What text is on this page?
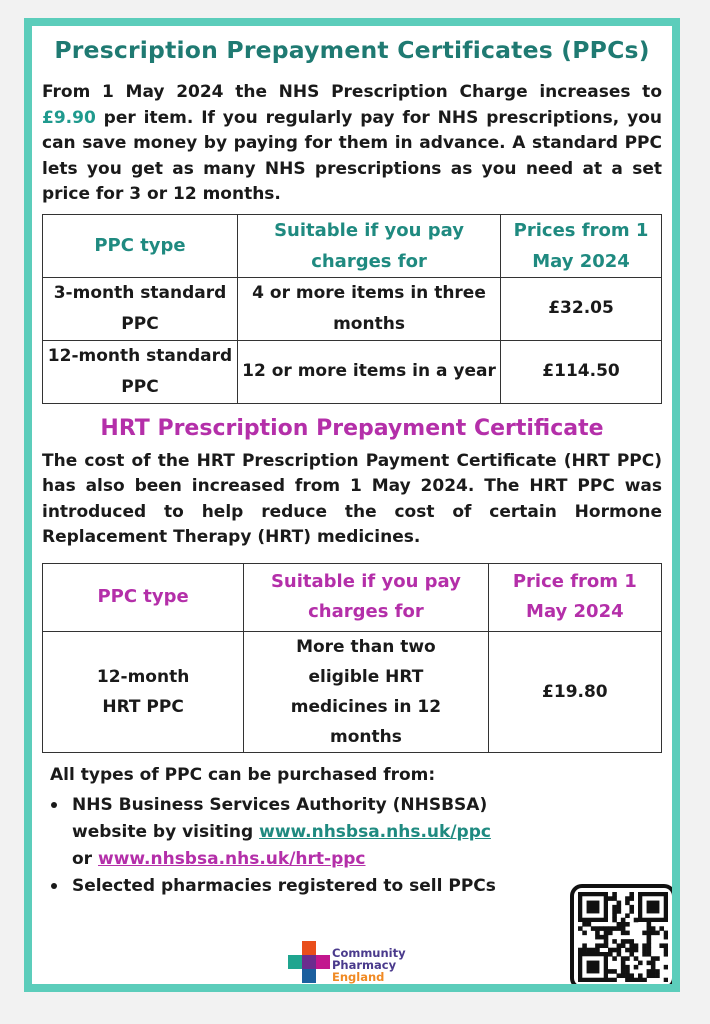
Prescription Prepayment Certificates (PPCs)

From 1 May 2024 the NHS Prescription Charge increases to £9.90 per item. If you regularly pay for NHS prescriptions, you can save money by paying for them in advance. A standard PPC lets you get as many NHS prescriptions as you need at a set price for 3 or 12 months.

PPC type	Suitable if you pay charges for	Prices from 1 May 2024
3-month standard PPC	4 or more items in three months	£32.05
12-month standard PPC	12 or more items in a year	£114.50
HRT Prescription Prepayment Certificate

The cost of the HRT Prescription Payment Certificate (HRT PPC) has also been increased from 1 May 2024. The HRT PPC was introduced to help reduce the cost of certain Hormone Replacement Therapy (HRT) medicines.

PPC type	Suitable if you pay charges for	Price from 1 May 2024
12-month HRT PPC	More than two eligible HRT medicines in 12 months	£19.80

All types of PPC can be purchased from:

NHS Business Services Authority (NHSBSA) website by visiting www.nhsbsa.nhs.uk/ppc or www.nhsbsa.nhs.uk/hrt-ppc
Selected pharmacies registered to sell PPCs
Community
Pharmacy
England
